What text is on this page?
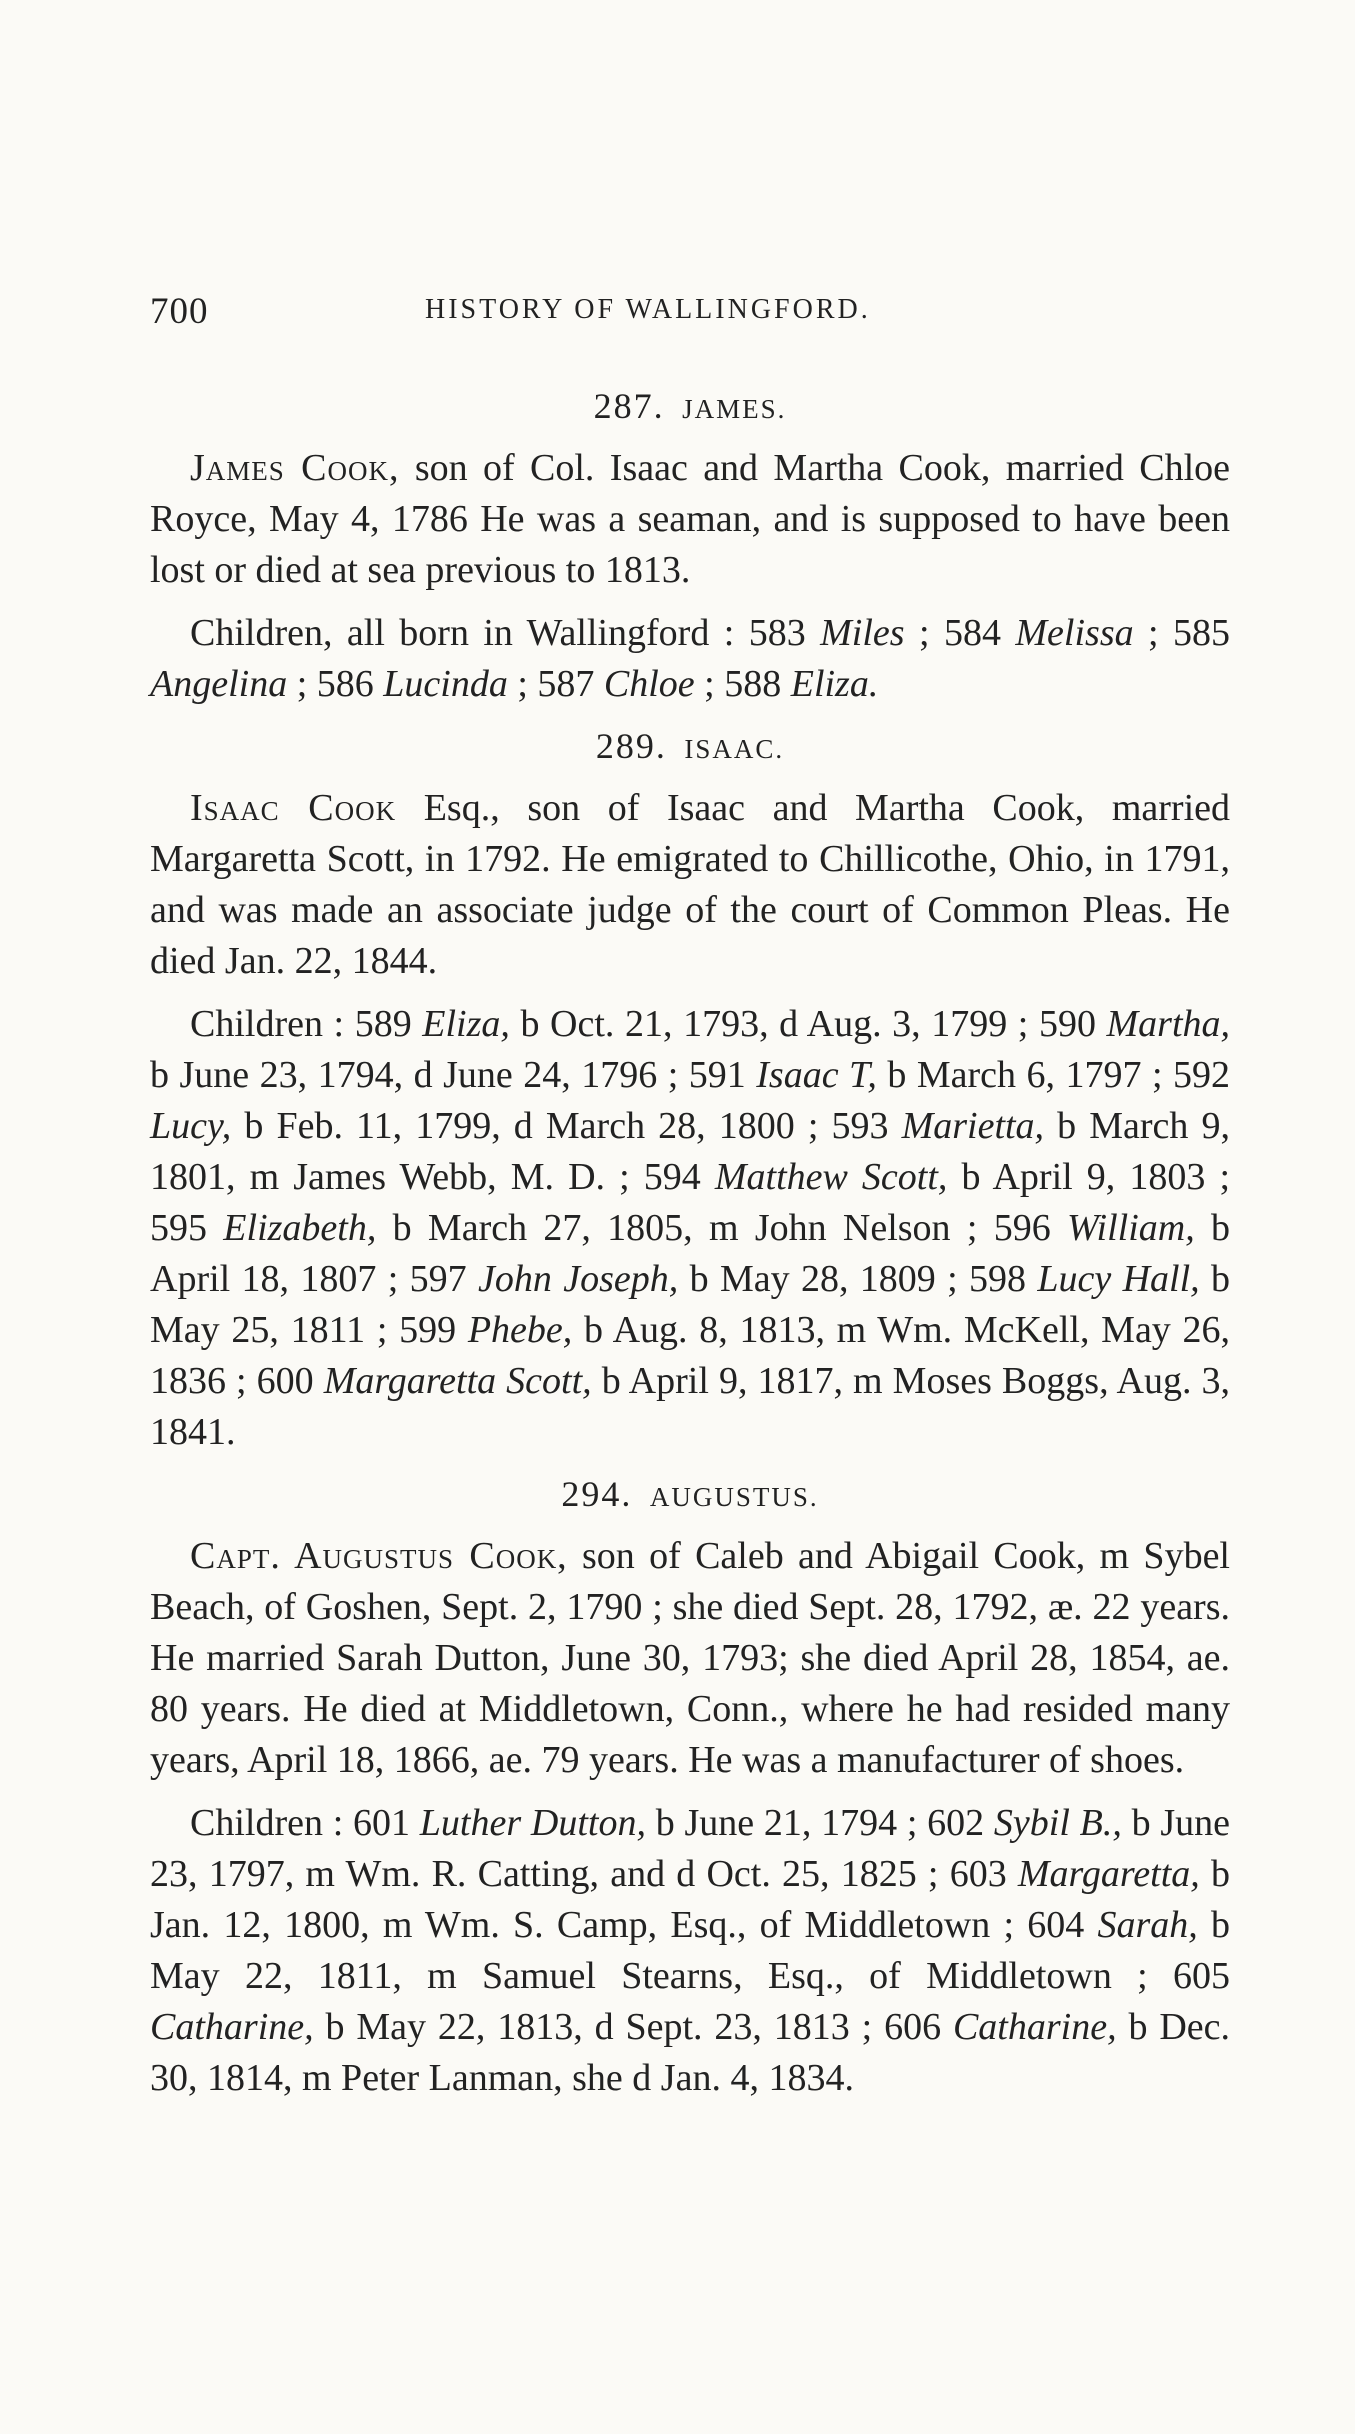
700	HISTORY OF WALLINGFORD.
287. JAMES.

James Cook, son of Col. Isaac and Martha Cook, married Chloe Royce, May 4, 1786 He was a seaman, and is supposed to have been lost or died at sea previous to 1813.

Children, all born in Wallingford : 583 Miles ; 584 Melissa ; 585 Angelina ; 586 Lucinda ; 587 Chloe ; 588 Eliza.

289. ISAAC.

Isaac Cook Esq., son of Isaac and Martha Cook, married Margaretta Scott, in 1792. He emigrated to Chillicothe, Ohio, in 1791, and was made an associate judge of the court of Common Pleas. He died Jan. 22, 1844.

Children : 589 Eliza, b Oct. 21, 1793, d Aug. 3, 1799 ; 590 Martha, b June 23, 1794, d June 24, 1796 ; 591 Isaac T, b March 6, 1797 ; 592 Lucy, b Feb. 11, 1799, d March 28, 1800 ; 593 Marietta, b March 9, 1801, m James Webb, M. D. ; 594 Matthew Scott, b April 9, 1803 ; 595 Elizabeth, b March 27, 1805, m John Nelson ; 596 William, b April 18, 1807 ; 597 John Joseph, b May 28, 1809 ; 598 Lucy Hall, b May 25, 1811 ; 599 Phebe, b Aug. 8, 1813, m Wm. McKell, May 26, 1836 ; 600 Margaretta Scott, b April 9, 1817, m Moses Boggs, Aug. 3, 1841.

294. AUGUSTUS.

Capt. Augustus Cook, son of Caleb and Abigail Cook, m Sybel Beach, of Goshen, Sept. 2, 1790 ; she died Sept. 28, 1792, æ. 22 years. He married Sarah Dutton, June 30, 1793; she died April 28, 1854, ae. 80 years. He died at Middletown, Conn., where he had resided many years, April 18, 1866, ae. 79 years. He was a manufacturer of shoes.

Children : 601 Luther Dutton, b June 21, 1794 ; 602 Sybil B., b June 23, 1797, m Wm. R. Catting, and d Oct. 25, 1825 ; 603 Margaretta, b Jan. 12, 1800, m Wm. S. Camp, Esq., of Middletown ; 604 Sarah, b May 22, 1811, m Samuel Stearns, Esq., of Middletown ; 605 Catharine, b May 22, 1813, d Sept. 23, 1813 ; 606 Catharine, b Dec. 30, 1814, m Peter Lanman, she d Jan. 4, 1834.
